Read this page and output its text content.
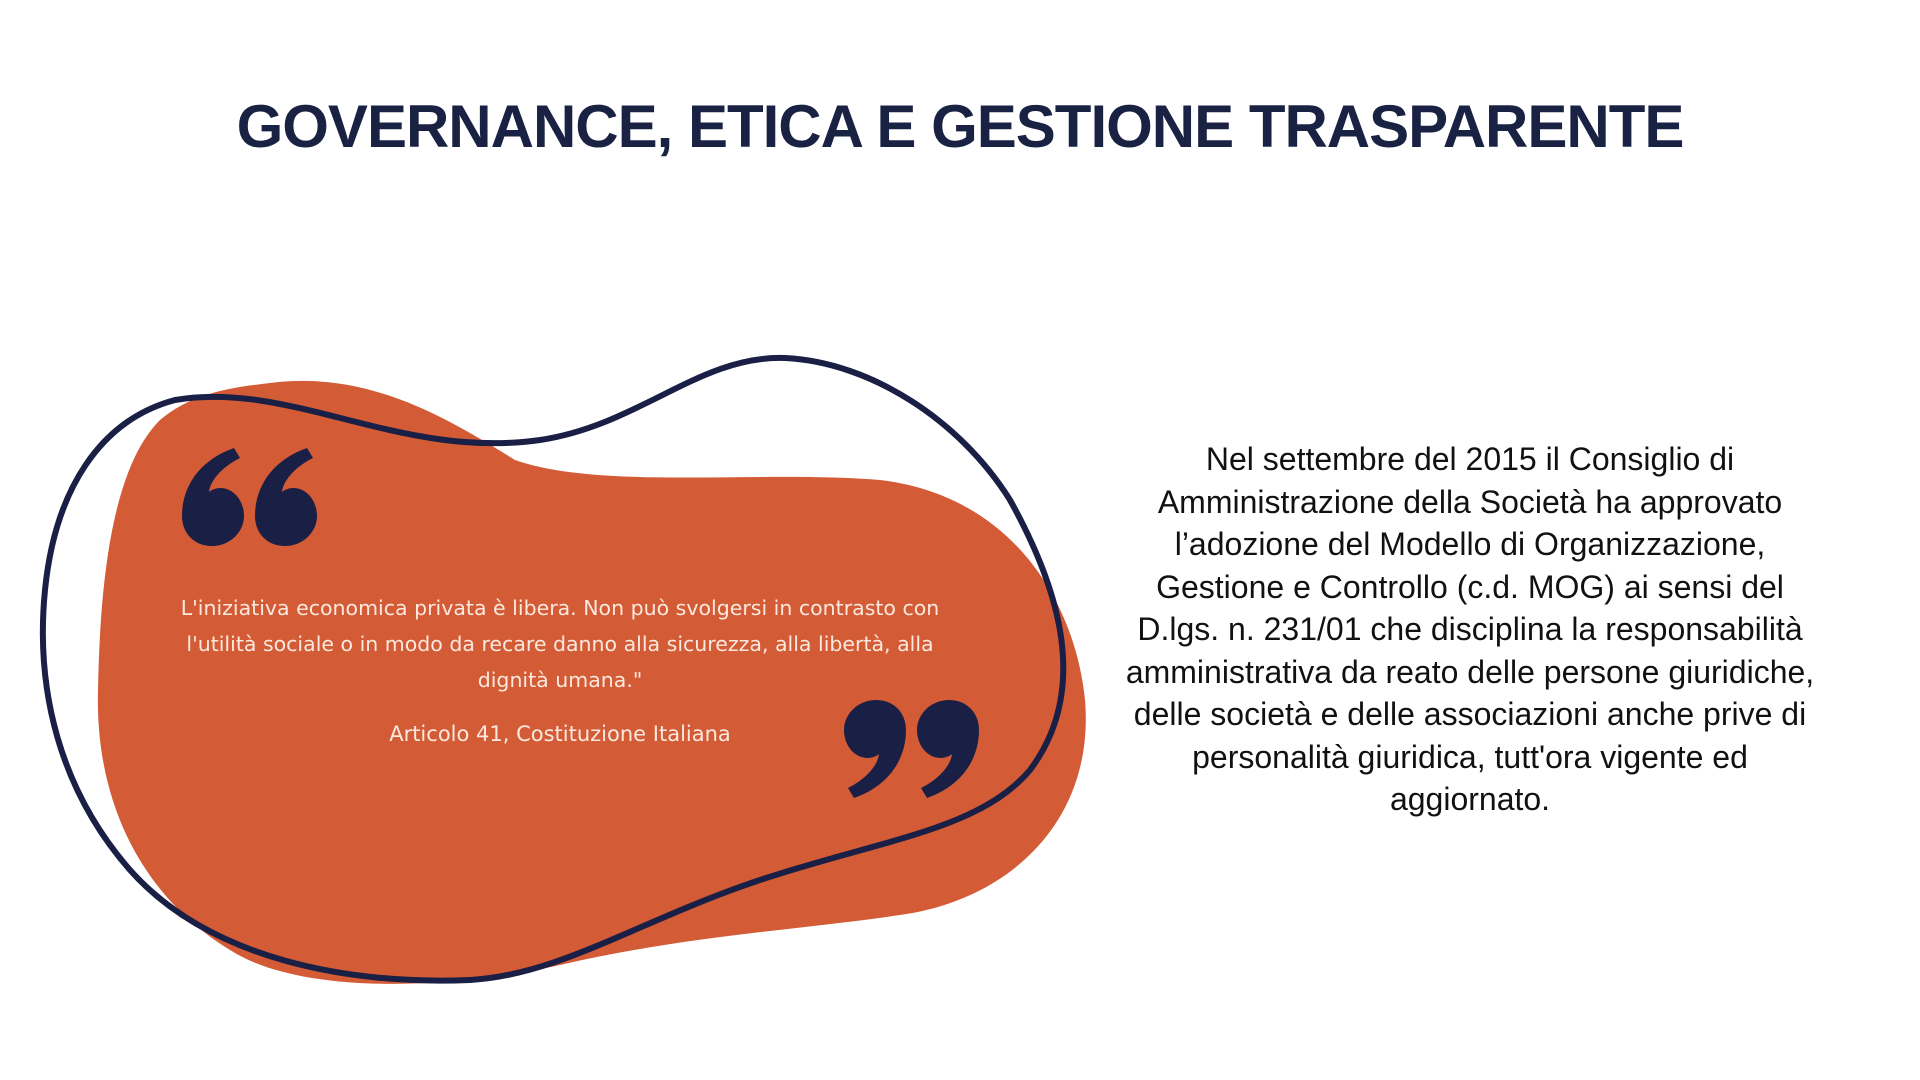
GOVERNANCE, ETICA E GESTIONE TRASPARENTE

L'iniziativa economica privata è libera. Non può svolgersi in contrasto con l'utilità sociale o in modo da recare danno alla sicurezza, alla libertà, alla dignità umana."

Articolo 41, Costituzione Italiana

Nel settembre del 2015 il Consiglio di Amministrazione della Società ha approvato l’adozione del Modello di Organizzazione, Gestione e Controllo (c.d. MOG) ai sensi del D.lgs. n. 231/01 che disciplina la responsabilità amministrativa da reato delle persone giuridiche, delle società e delle associazioni anche prive di personalità giuridica, tutt'ora vigente ed aggiornato.
